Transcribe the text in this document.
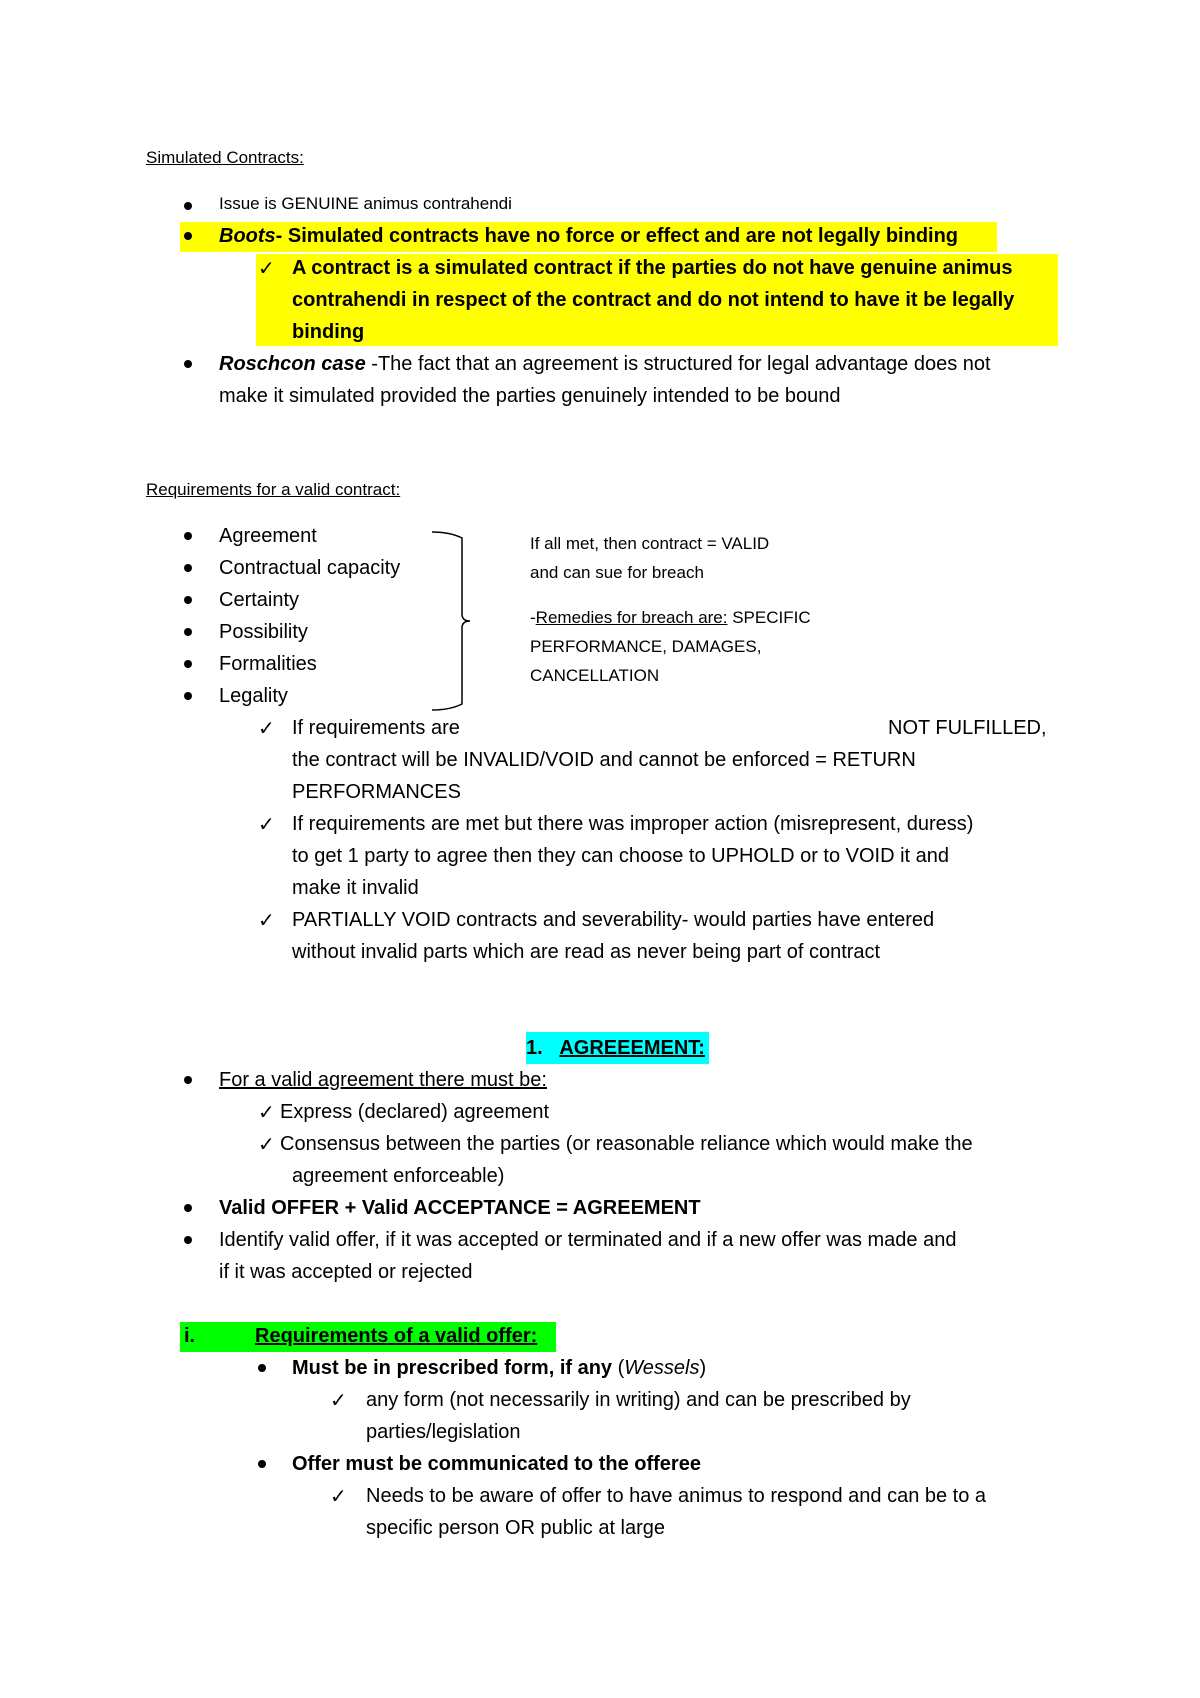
Simulated Contracts:
Issue is GENUINE animus contrahendi
Boots- Simulated contracts have no force or effect and are not legally binding
✓ A contract is a simulated contract if the parties do not have genuine animus
contrahendi in respect of the contract and do not intend to have it be legally
binding
Roschcon case -The fact that an agreement is structured for legal advantage does not
make it simulated provided the parties genuinely intended to be bound
Requirements for a valid contract:
Agreement
Contractual capacity
Certainty
Possibility
Formalities
Legality
If all met, then contract = VALID
and can sue for breach
-Remedies for breach are: SPECIFIC
PERFORMANCE, DAMAGES,
CANCELLATION
✓ If requirements are	NOT FULFILLED,
the contract will be INVALID/VOID and cannot be enforced = RETURN
PERFORMANCES
✓ If requirements are met but there was improper action (misrepresent, duress)
to get 1 party to agree then they can choose to UPHOLD or to VOID it and
make it invalid
✓ PARTIALLY VOID contracts and severability- would parties have entered
without invalid parts which are read as never being part of contract
1. AGREEEMENT:
For a valid agreement there must be:
✓ Express (declared) agreement
✓ Consensus between the parties (or reasonable reliance which would make the
agreement enforceable)
Valid OFFER + Valid ACCEPTANCE = AGREEMENT
Identify valid offer, if it was accepted or terminated and if a new offer was made and
if it was accepted or rejected
i.	Requirements of a valid offer:
Must be in prescribed form, if any (Wessels)
✓ any form (not necessarily in writing) and can be prescribed by
parties/legislation
Offer must be communicated to the offeree
✓ Needs to be aware of offer to have animus to respond and can be to a
specific person OR public at large
